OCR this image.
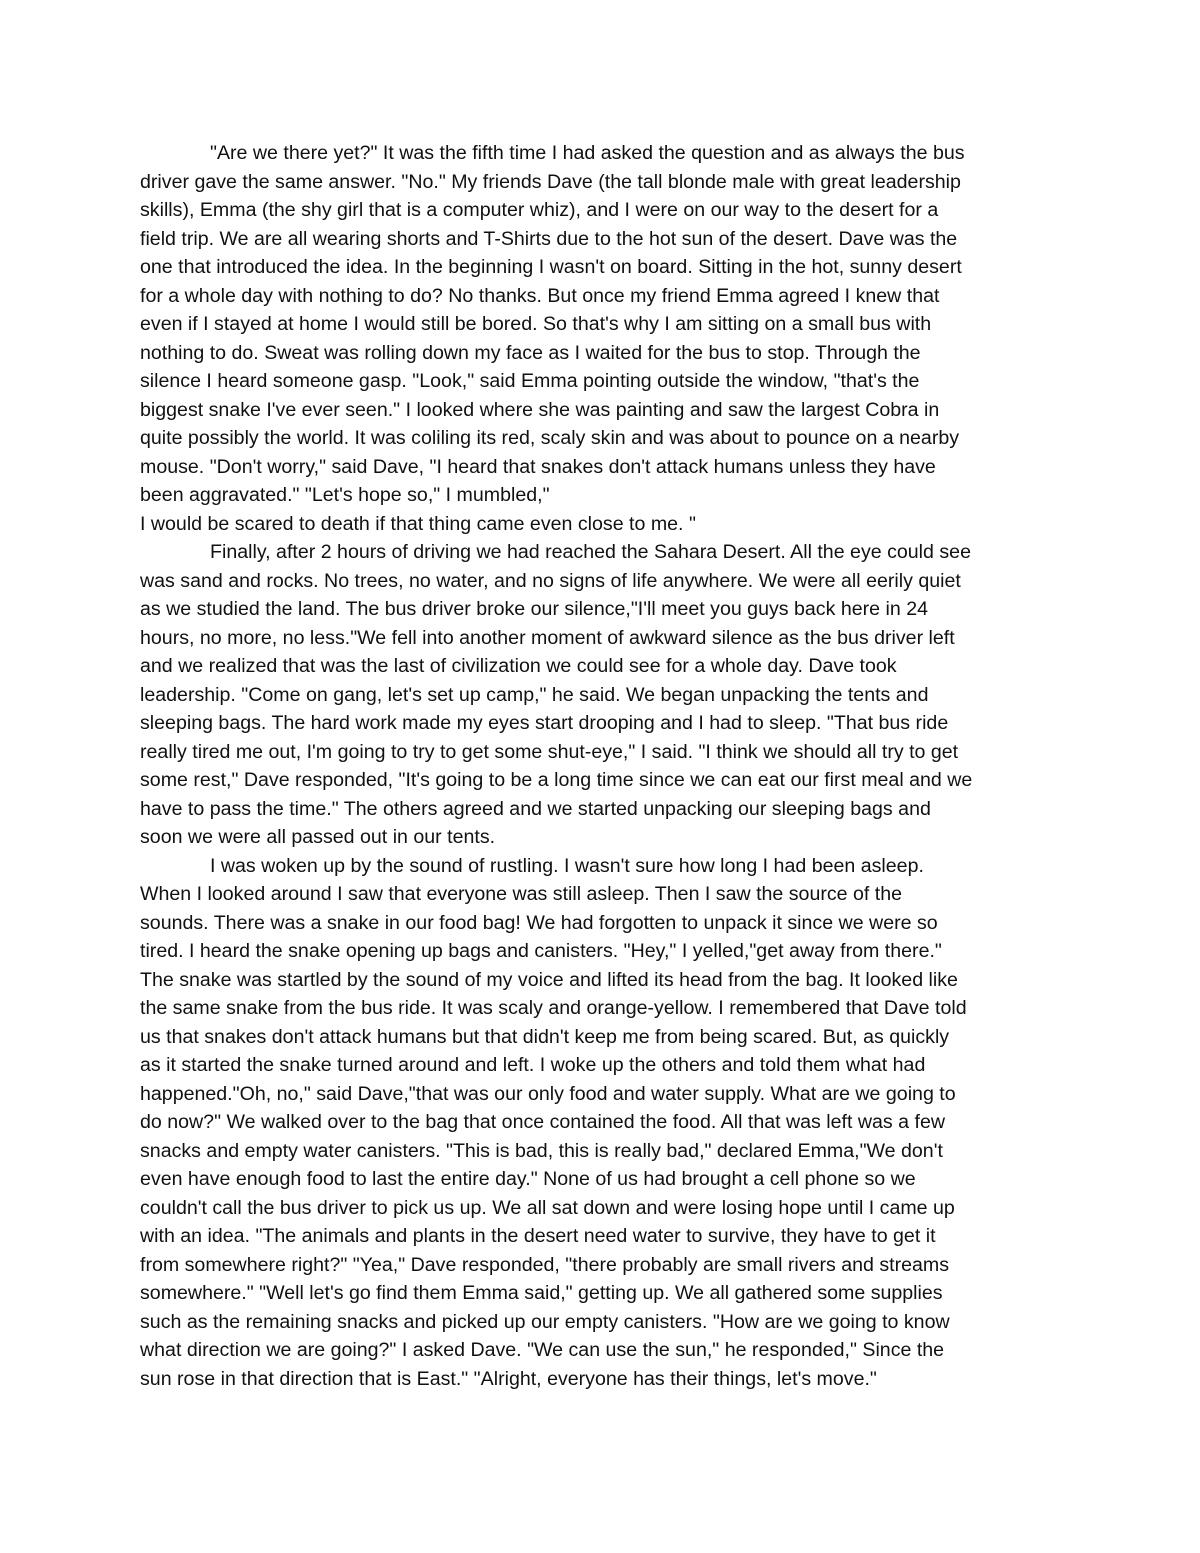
"Are we there yet?" It was the fifth time I had asked the question and as always the bus
driver gave the same answer. "No." My friends Dave (the tall blonde male with great leadership
skills), Emma (the shy girl that is a computer whiz), and I were on our way to the desert for a
field trip. We are all wearing shorts and T-Shirts due to the hot sun of the desert. Dave was the
one that introduced the idea. In the beginning I wasn't on board. Sitting in the hot, sunny desert
for a whole day with nothing to do? No thanks. But once my friend Emma agreed I knew that
even if I stayed at home I would still be bored. So that's why I am sitting on a small bus with
nothing to do. Sweat was rolling down my face as I waited for the bus to stop. Through the
silence I heard someone gasp. "Look," said Emma pointing outside the window, "that's the
biggest snake I've ever seen." I looked where she was painting and saw the largest Cobra in
quite possibly the world. It was coliling its red, scaly skin and was about to pounce on a nearby
mouse. "Don't worry," said Dave, "I heard that snakes don't attack humans unless they have
been aggravated." "Let's hope so," I mumbled,"
I would be scared to death if that thing came even close to me. "
Finally, after 2 hours of driving we had reached the Sahara Desert. All the eye could see
was sand and rocks. No trees, no water, and no signs of life anywhere. We were all eerily quiet
as we studied the land. The bus driver broke our silence,"I'll meet you guys back here in 24
hours, no more, no less."We fell into another moment of awkward silence as the bus driver left
and we realized that was the last of civilization we could see for a whole day. Dave took
leadership. "Come on gang, let's set up camp," he said. We began unpacking the tents and
sleeping bags. The hard work made my eyes start drooping and I had to sleep. "That bus ride
really tired me out, I'm going to try to get some shut-eye," I said. "I think we should all try to get
some rest," Dave responded, "It's going to be a long time since we can eat our first meal and we
have to pass the time." The others agreed and we started unpacking our sleeping bags and
soon we were all passed out in our tents.
I was woken up by the sound of rustling. I wasn't sure how long I had been asleep.
When I looked around I saw that everyone was still asleep. Then I saw the source of the
sounds. There was a snake in our food bag! We had forgotten to unpack it since we were so
tired. I heard the snake opening up bags and canisters. "Hey," I yelled,"get away from there."
The snake was startled by the sound of my voice and lifted its head from the bag. It looked like
the same snake from the bus ride. It was scaly and orange-yellow. I remembered that Dave told
us that snakes don't attack humans but that didn't keep me from being scared. But, as quickly
as it started the snake turned around and left. I woke up the others and told them what had
happened."Oh, no," said Dave,"that was our only food and water supply. What are we going to
do now?" We walked over to the bag that once contained the food. All that was left was a few
snacks and empty water canisters. "This is bad, this is really bad," declared Emma,"We don't
even have enough food to last the entire day." None of us had brought a cell phone so we
couldn't call the bus driver to pick us up. We all sat down and were losing hope until I came up
with an idea. "The animals and plants in the desert need water to survive, they have to get it
from somewhere right?" "Yea," Dave responded, "there probably are small rivers and streams
somewhere." "Well let's go find them Emma said," getting up. We all gathered some supplies
such as the remaining snacks and picked up our empty canisters. "How are we going to know
what direction we are going?" I asked Dave. "We can use the sun," he responded," Since the
sun rose in that direction that is East." "Alright, everyone has their things, let's move."
